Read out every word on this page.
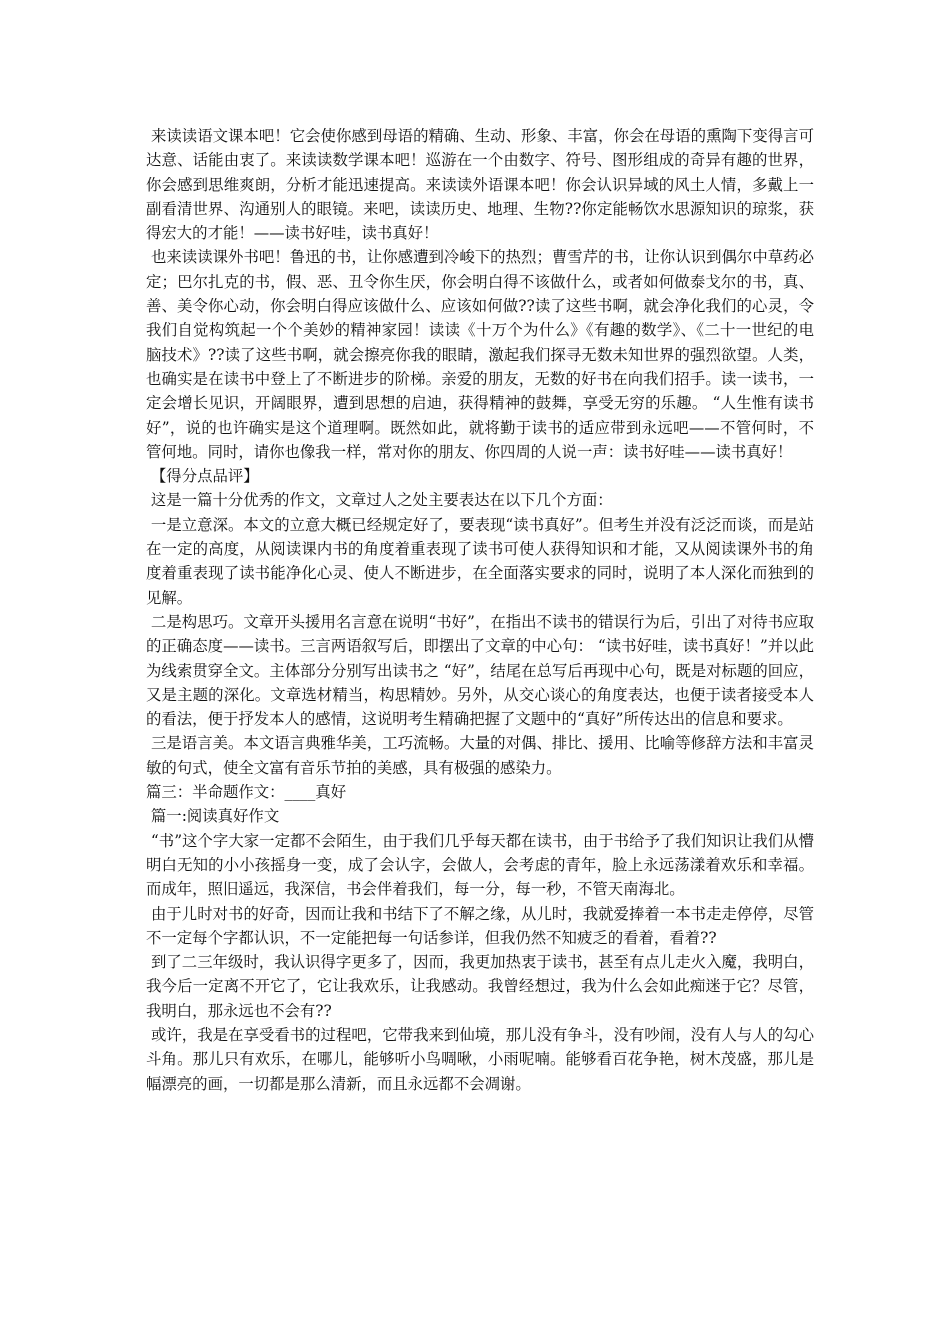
来读读语文课本吧！它会使你感到母语的精确、生动、形象、丰富，你会在母语的熏陶下变得言可达意、话能由衷了。来读读数学课本吧！巡游在一个由数字、符号、图形组成的奇异有趣的世界，你会感到思维爽朗，分析才能迅速提高。来读读外语课本吧！你会认识异域的风土人情，多戴上一副看清世界、沟通别人的眼镜。来吧，读读历史、地理、生物??你定能畅饮水思源知识的琼浆，获得宏大的才能！——读书好哇，读书真好！

也来读读课外书吧！鲁迅的书，让你感遭到冷峻下的热烈；曹雪芹的书，让你认识到偶尔中草药必定；巴尔扎克的书，假、恶、丑令你生厌，你会明白得不该做什么，或者如何做泰戈尔的书，真、善、美令你心动，你会明白得应该做什么、应该如何做??读了这些书啊，就会净化我们的心灵，令我们自觉构筑起一个个美妙的精神家园！读读《十万个为什么》《有趣的数学》、《二十一世纪的电脑技术》??读了这些书啊，就会擦亮你我的眼睛，激起我们探寻无数未知世界的强烈欲望。人类，也确实是在读书中登上了不断进步的阶梯。亲爱的朋友，无数的好书在向我们招手。读一读书，一定会增长见识，开阔眼界，遭到思想的启迪，获得精神的鼓舞，享受无穷的乐趣。 “人生惟有读书好”，说的也许确实是这个道理啊。既然如此，就将勤于读书的适应带到永远吧——不管何时，不管何地。同时，请你也像我一样，常对你的朋友、你四周的人说一声：读书好哇——读书真好！

【得分点品评】

这是一篇十分优秀的作文，文章过人之处主要表达在以下几个方面：

一是立意深。本文的立意大概已经规定好了，要表现“读书真好”。但考生并没有泛泛而谈，而是站在一定的高度，从阅读课内书的角度着重表现了读书可使人获得知识和才能，又从阅读课外书的角度着重表现了读书能净化心灵、使人不断进步，在全面落实要求的同时，说明了本人深化而独到的见解。

二是构思巧。文章开头援用名言意在说明“书好”，在指出不读书的错误行为后，引出了对待书应取的正确态度——读书。三言两语叙写后，即摆出了文章的中心句： “读书好哇，读书真好！”并以此为线索贯穿全文。主体部分分别写出读书之 “好”，结尾在总写后再现中心句，既是对标题的回应，又是主题的深化。文章选材精当，构思精妙。另外，从交心谈心的角度表达，也便于读者接受本人的看法，便于抒发本人的感情，这说明考生精确把握了文题中的“真好”所传达出的信息和要求。

三是语言美。本文语言典雅华美，工巧流畅。大量的对偶、排比、援用、比喻等修辞方法和丰富灵敏的句式，使全文富有音乐节拍的美感，具有极强的感染力。

篇三：半命题作文：____真好

篇一:阅读真好作文

“书”这个字大家一定都不会陌生，由于我们几乎每天都在读书，由于书给予了我们知识让我们从懵明白无知的小小孩摇身一变，成了会认字，会做人，会考虑的青年，脸上永远荡漾着欢乐和幸福。而成年，照旧遥远，我深信，书会伴着我们，每一分，每一秒，不管天南海北。

由于儿时对书的好奇，因而让我和书结下了不解之缘，从儿时，我就爱捧着一本书走走停停，尽管不一定每个字都认识，不一定能把每一句话参详，但我仍然不知疲乏的看着，看着??

到了二三年级时，我认识得字更多了，因而，我更加热衷于读书，甚至有点儿走火入魔，我明白，我今后一定离不开它了，它让我欢乐，让我感动。我曾经想过，我为什么会如此痴迷于它？尽管，我明白，那永远也不会有??

或许，我是在享受看书的过程吧，它带我来到仙境，那儿没有争斗，没有吵闹，没有人与人的勾心斗角。那儿只有欢乐，在哪儿，能够听小鸟啁啾，小雨呢喃。能够看百花争艳，树木茂盛，那儿是幅漂亮的画，一切都是那么清新，而且永远都不会凋谢。
